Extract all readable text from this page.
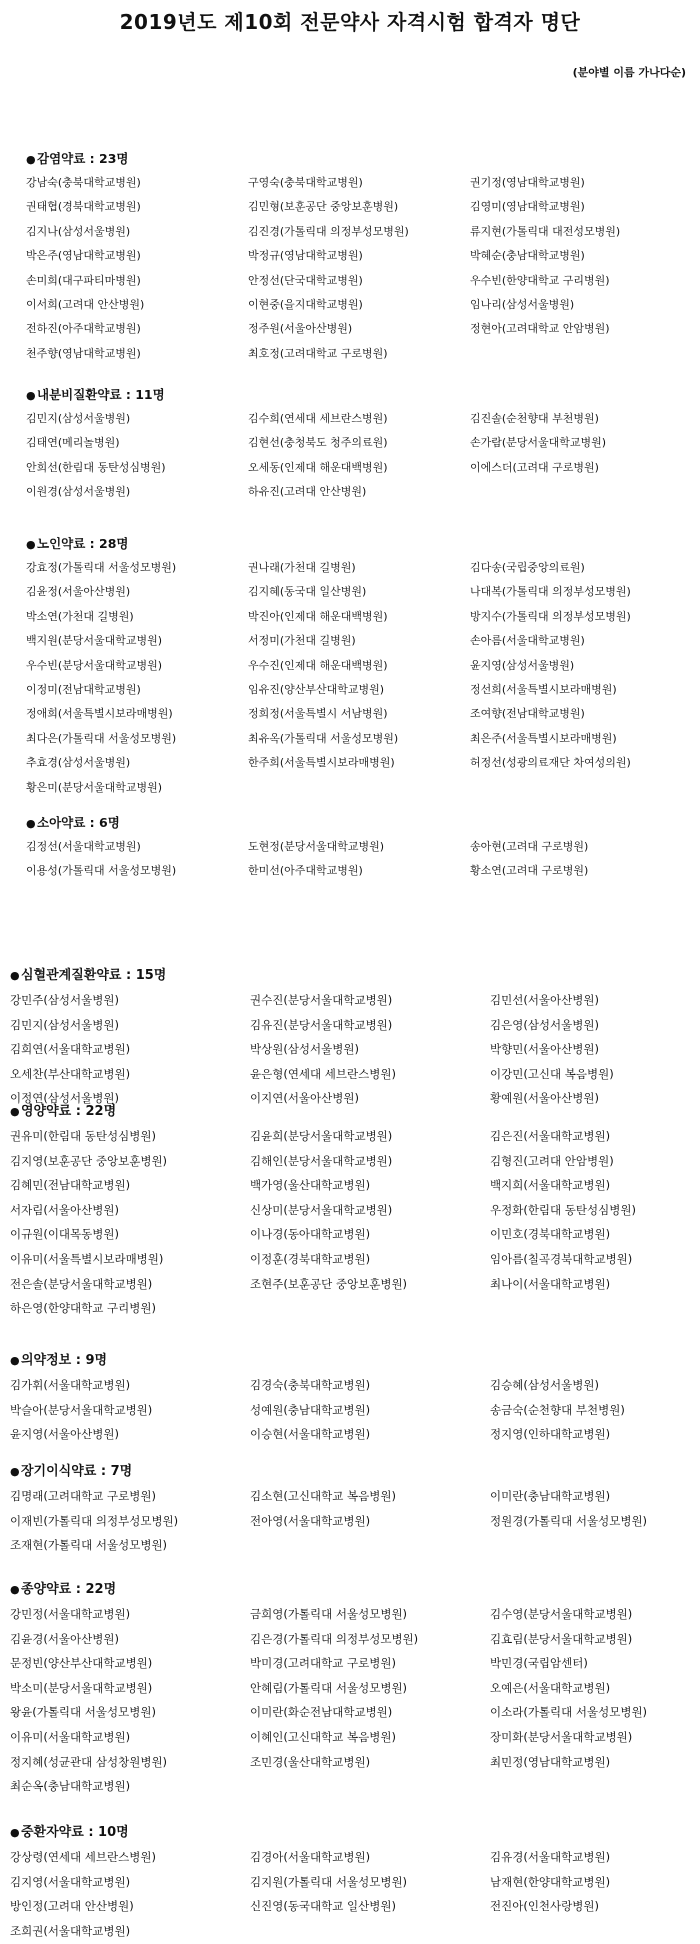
2019년도 제10회 전문약사 자격시험 합격자 명단
(분야별 이름 가나다순)
●감염약료 : 23명
강남숙(충북대학교병원)	구영숙(충북대학교병원)	권기정(영남대학교병원)
권태협(경북대학교병원)	김민형(보훈공단 중앙보훈병원)	김영미(영남대학교병원)
김지나(삼성서울병원)	김진경(가톨릭대 의정부성모병원)	류지현(가톨릭대 대전성모병원)
박은주(영남대학교병원)	박정규(영남대학교병원)	박혜순(충남대학교병원)
손미희(대구파티마병원)	안정선(단국대학교병원)	우수빈(한양대학교 구리병원)
이서희(고려대 안산병원)	이현중(을지대학교병원)	임나리(삼성서울병원)
전하진(아주대학교병원)	정주원(서울아산병원)	정현아(고려대학교 안암병원)
천주향(영남대학교병원)	최호정(고려대학교 구로병원)
●내분비질환약료 : 11명
김민지(삼성서울병원)	김수희(연세대 세브란스병원)	김진솔(순천향대 부천병원)
김태연(메리놀병원)	김현선(충청북도 청주의료원)	손가람(분당서울대학교병원)
안희선(한림대 동탄성심병원)	오세동(인제대 해운대백병원)	이에스더(고려대 구로병원)
이원경(삼성서울병원)	하유진(고려대 안산병원)
●노인약료 : 28명
강효정(가톨릭대 서울성모병원)	권나래(가천대 길병원)	김다송(국립중앙의료원)
김윤정(서울아산병원)	김지혜(동국대 일산병원)	나대복(가톨릭대 의정부성모병원)
박소연(가천대 길병원)	박진아(인제대 해운대백병원)	방지수(가톨릭대 의정부성모병원)
백지원(분당서울대학교병원)	서정미(가천대 길병원)	손아름(서울대학교병원)
우수빈(분당서울대학교병원)	우수진(인제대 해운대백병원)	윤지영(삼성서울병원)
이정미(전남대학교병원)	임유진(양산부산대학교병원)	정선희(서울특별시보라매병원)
정애희(서울특별시보라매병원)	정희정(서울특별시 서남병원)	조여향(전남대학교병원)
최다은(가톨릭대 서울성모병원)	최유옥(가톨릭대 서울성모병원)	최은주(서울특별시보라매병원)
추효경(삼성서울병원)	한주희(서울특별시보라매병원)	허정선(성광의료재단 차여성의원)
황은미(분당서울대학교병원)
●소아약료 : 6명
김정선(서울대학교병원)	도현정(분당서울대학교병원)	송아현(고려대 구로병원)
이용성(가톨릭대 서울성모병원)	한미선(아주대학교병원)	황소연(고려대 구로병원)
●심혈관계질환약료 : 15명
강민주(삼성서울병원)	권수진(분당서울대학교병원)	김민선(서울아산병원)
김민지(삼성서울병원)	김유진(분당서울대학교병원)	김은영(삼성서울병원)
김희연(서울대학교병원)	박상원(삼성서울병원)	박향민(서울아산병원)
오세찬(부산대학교병원)	윤은형(연세대 세브란스병원)	이강민(고신대 복음병원)
이정연(삼성서울병원)	이지연(서울아산병원)	황예원(서울아산병원)
●영양약료 : 22명
권유미(한림대 동탄성심병원)	김윤희(분당서울대학교병원)	김은진(서울대학교병원)
김지영(보훈공단 중앙보훈병원)	김해인(분당서울대학교병원)	김형진(고려대 안암병원)
김혜민(전남대학교병원)	백가영(울산대학교병원)	백지희(서울대학교병원)
서자림(서울아산병원)	신상미(분당서울대학교병원)	우정화(한림대 동탄성심병원)
이규원(이대목동병원)	이나경(동아대학교병원)	이민호(경북대학교병원)
이유미(서울특별시보라매병원)	이정훈(경북대학교병원)	임아름(칠곡경북대학교병원)
전은솔(분당서울대학교병원)	조현주(보훈공단 중앙보훈병원)	최나이(서울대학교병원)
하은영(한양대학교 구리병원)
●의약정보 : 9명
김가휘(서울대학교병원)	김경숙(충북대학교병원)	김승혜(삼성서울병원)
박슬아(분당서울대학교병원)	성예원(충남대학교병원)	송금숙(순천향대 부천병원)
윤지영(서울아산병원)	이승현(서울대학교병원)	정지영(인하대학교병원)
●장기이식약료 : 7명
김명래(고려대학교 구로병원)	김소현(고신대학교 복음병원)	이미란(충남대학교병원)
이재빈(가톨릭대 의정부성모병원)	전아영(서울대학교병원)	정원경(가톨릭대 서울성모병원)
조재현(가톨릭대 서울성모병원)
●종양약료 : 22명
강민정(서울대학교병원)	금희영(가톨릭대 서울성모병원)	김수영(분당서울대학교병원)
김윤경(서울아산병원)	김은경(가톨릭대 의정부성모병원)	김효림(분당서울대학교병원)
문정빈(양산부산대학교병원)	박미경(고려대학교 구로병원)	박민경(국립암센터)
박소미(분당서울대학교병원)	안혜림(가톨릭대 서울성모병원)	오예은(서울대학교병원)
왕윤(가톨릭대 서울성모병원)	이미란(화순전남대학교병원)	이소라(가톨릭대 서울성모병원)
이유미(서울대학교병원)	이혜인(고신대학교 복음병원)	장미화(분당서울대학교병원)
정지혜(성균관대 삼성창원병원)	조민경(울산대학교병원)	최민정(영남대학교병원)
최순옥(충남대학교병원)
●중환자약료 : 10명
강상령(연세대 세브란스병원)	김경아(서울대학교병원)	김유경(서울대학교병원)
김지영(서울대학교병원)	김지원(가톨릭대 서울성모병원)	남재현(한양대학교병원)
방인정(고려대 안산병원)	신진영(동국대학교 일산병원)	전진아(인천사랑병원)
조희권(서울대학교병원)
